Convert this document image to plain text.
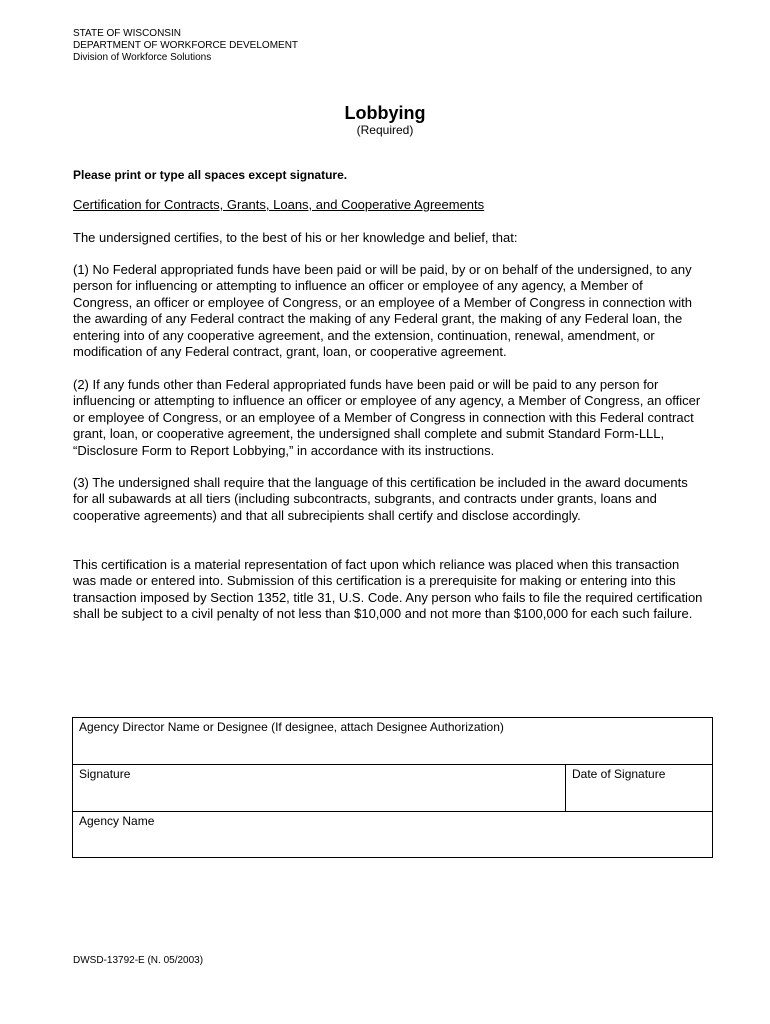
STATE OF WISCONSIN
DEPARTMENT OF WORKFORCE DEVELOMENT
Division of Workforce Solutions
Lobbying
(Required)
Please print or type all spaces except signature.
Certification for Contracts, Grants, Loans, and Cooperative Agreements

The undersigned certifies, to the best of his or her knowledge and belief, that:

(1) No Federal appropriated funds have been paid or will be paid, by or on behalf of the undersigned, to any person for influencing or attempting to influence an officer or employee of any agency, a Member of Congress, an officer or employee of Congress, or an employee of a Member of Congress in connection with the awarding of any Federal contract the making of any Federal grant, the making of any Federal loan, the entering into of any cooperative agreement, and the extension, continuation, renewal, amendment, or modification of any Federal contract, grant, loan, or cooperative agreement.

(2) If any funds other than Federal appropriated funds have been paid or will be paid to any person for influencing or attempting to influence an officer or employee of any agency, a Member of Congress, an officer or employee of Congress, or an employee of a Member of Congress in connection with this Federal contract grant, loan, or cooperative agreement, the undersigned shall complete and submit Standard Form-LLL, “Disclosure Form to Report Lobbying,” in accordance with its instructions.

(3) The undersigned shall require that the language of this certification be included in the award documents for all subawards at all tiers (including subcontracts, subgrants, and contracts under grants, loans and cooperative agreements) and that all subrecipients shall certify and disclose accordingly.

This certification is a material representation of fact upon which reliance was placed when this transaction was made or entered into. Submission of this certification is a prerequisite for making or entering into this transaction imposed by Section 1352, title 31, U.S. Code. Any person who fails to file the required certification shall be subject to a civil penalty of not less than $10,000 and not more than $100,000 for each such failure.

Agency Director Name or Designee (If designee, attach Designee Authorization)
Signature	Date of Signature
Agency Name
DWSD-13792-E (N. 05/2003)
